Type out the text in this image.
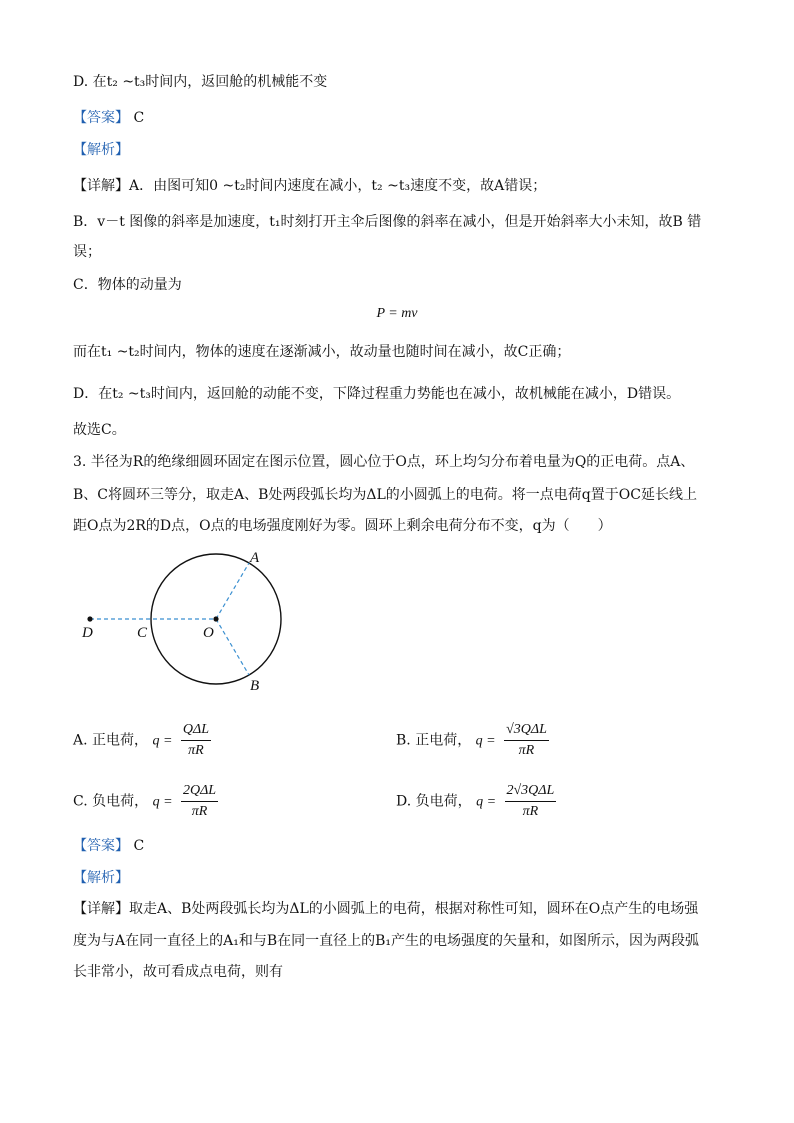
D. 在t₂ ~t₃时间内，返回舱的机械能不变
【答案】 C
【解析】
【详解】A．由图可知0 ~t₂时间内速度在减小，t₂ ~t₃速度不变，故A错误；
B．v－t 图像的斜率是加速度，t₁时刻打开主伞后图像的斜率在减小，但是开始斜率大小未知，故B 错
误；
C．物体的动量为
P = mv
而在t₁ ~t₂时间内，物体的速度在逐渐减小，故动量也随时间在减小，故C正确；
D．在t₂ ~t₃时间内，返回舱的动能不变，下降过程重力势能也在减小，故机械能在减小，D错误。
故选C。
3. 半径为R的绝缘细圆环固定在图示位置，圆心位于O点，环上均匀分布着电量为Q的正电荷。点A、
B、C将圆环三等分，取走A、B处两段弧长均为ΔL的小圆弧上的电荷。将一点电荷q置于OC延长线上
距O点为2R的D点，O点的电场强度刚好为零。圆环上剩余电荷分布不变，q为（　　）
A
B
C
D	O
A. 正电荷， $q = \frac{\text{QΔL}}{\pi R}$	B. 正电荷， $q = \frac{\text{√3QΔL}}{\pi R}$
C. 负电荷， $q = \frac{\text{2QΔL}}{\pi R}$	D. 负电荷， $q = \frac{\text{2√3QΔL}}{\pi R}$
【答案】 C
【解析】
【详解】取走A、B处两段弧长均为ΔL的小圆弧上的电荷，根据对称性可知，圆环在O点产生的电场强
度为与A在同一直径上的A₁和与B在同一直径上的B₁产生的电场强度的矢量和，如图所示，因为两段弧
长非常小，故可看成点电荷，则有
